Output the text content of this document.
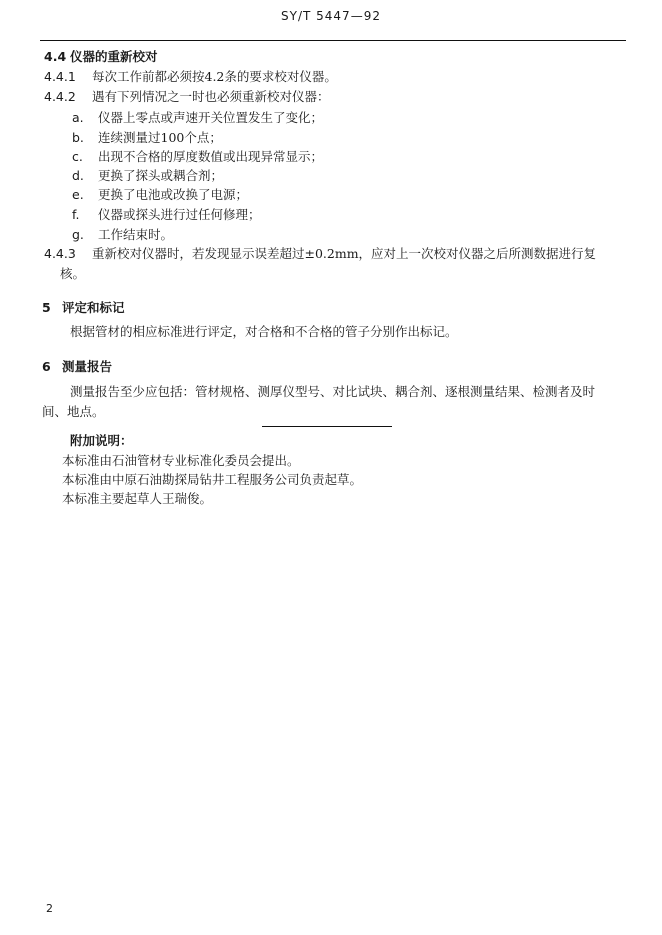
SY/T 5447—92
4.4 仪器的重新校对
4.4.1 每次工作前都必须按4.2条的要求校对仪器。
4.4.2 遇有下列情况之一时也必须重新校对仪器：
a. 仪器上零点或声速开关位置发生了变化；
b. 连续测量过100个点；
c. 出现不合格的厚度数值或出现异常显示；
d. 更换了探头或耦合剂；
e. 更换了电池或改换了电源；
f. 仪器或探头进行过任何修理；
g. 工作结束时。
4.4.3 重新校对仪器时，若发现显示误差超过±0.2mm，应对上一次校对仪器之后所测数据进行复
核。
5 评定和标记
根据管材的相应标准进行评定，对合格和不合格的管子分别作出标记。
6 测量报告
测量报告至少应包括：管材规格、测厚仪型号、对比试块、耦合剂、逐根测量结果、检测者及时
间、地点。
附加说明：
本标准由石油管材专业标准化委员会提出。
本标准由中原石油勘探局钻井工程服务公司负责起草。
本标准主要起草人王瑞俊。
2
